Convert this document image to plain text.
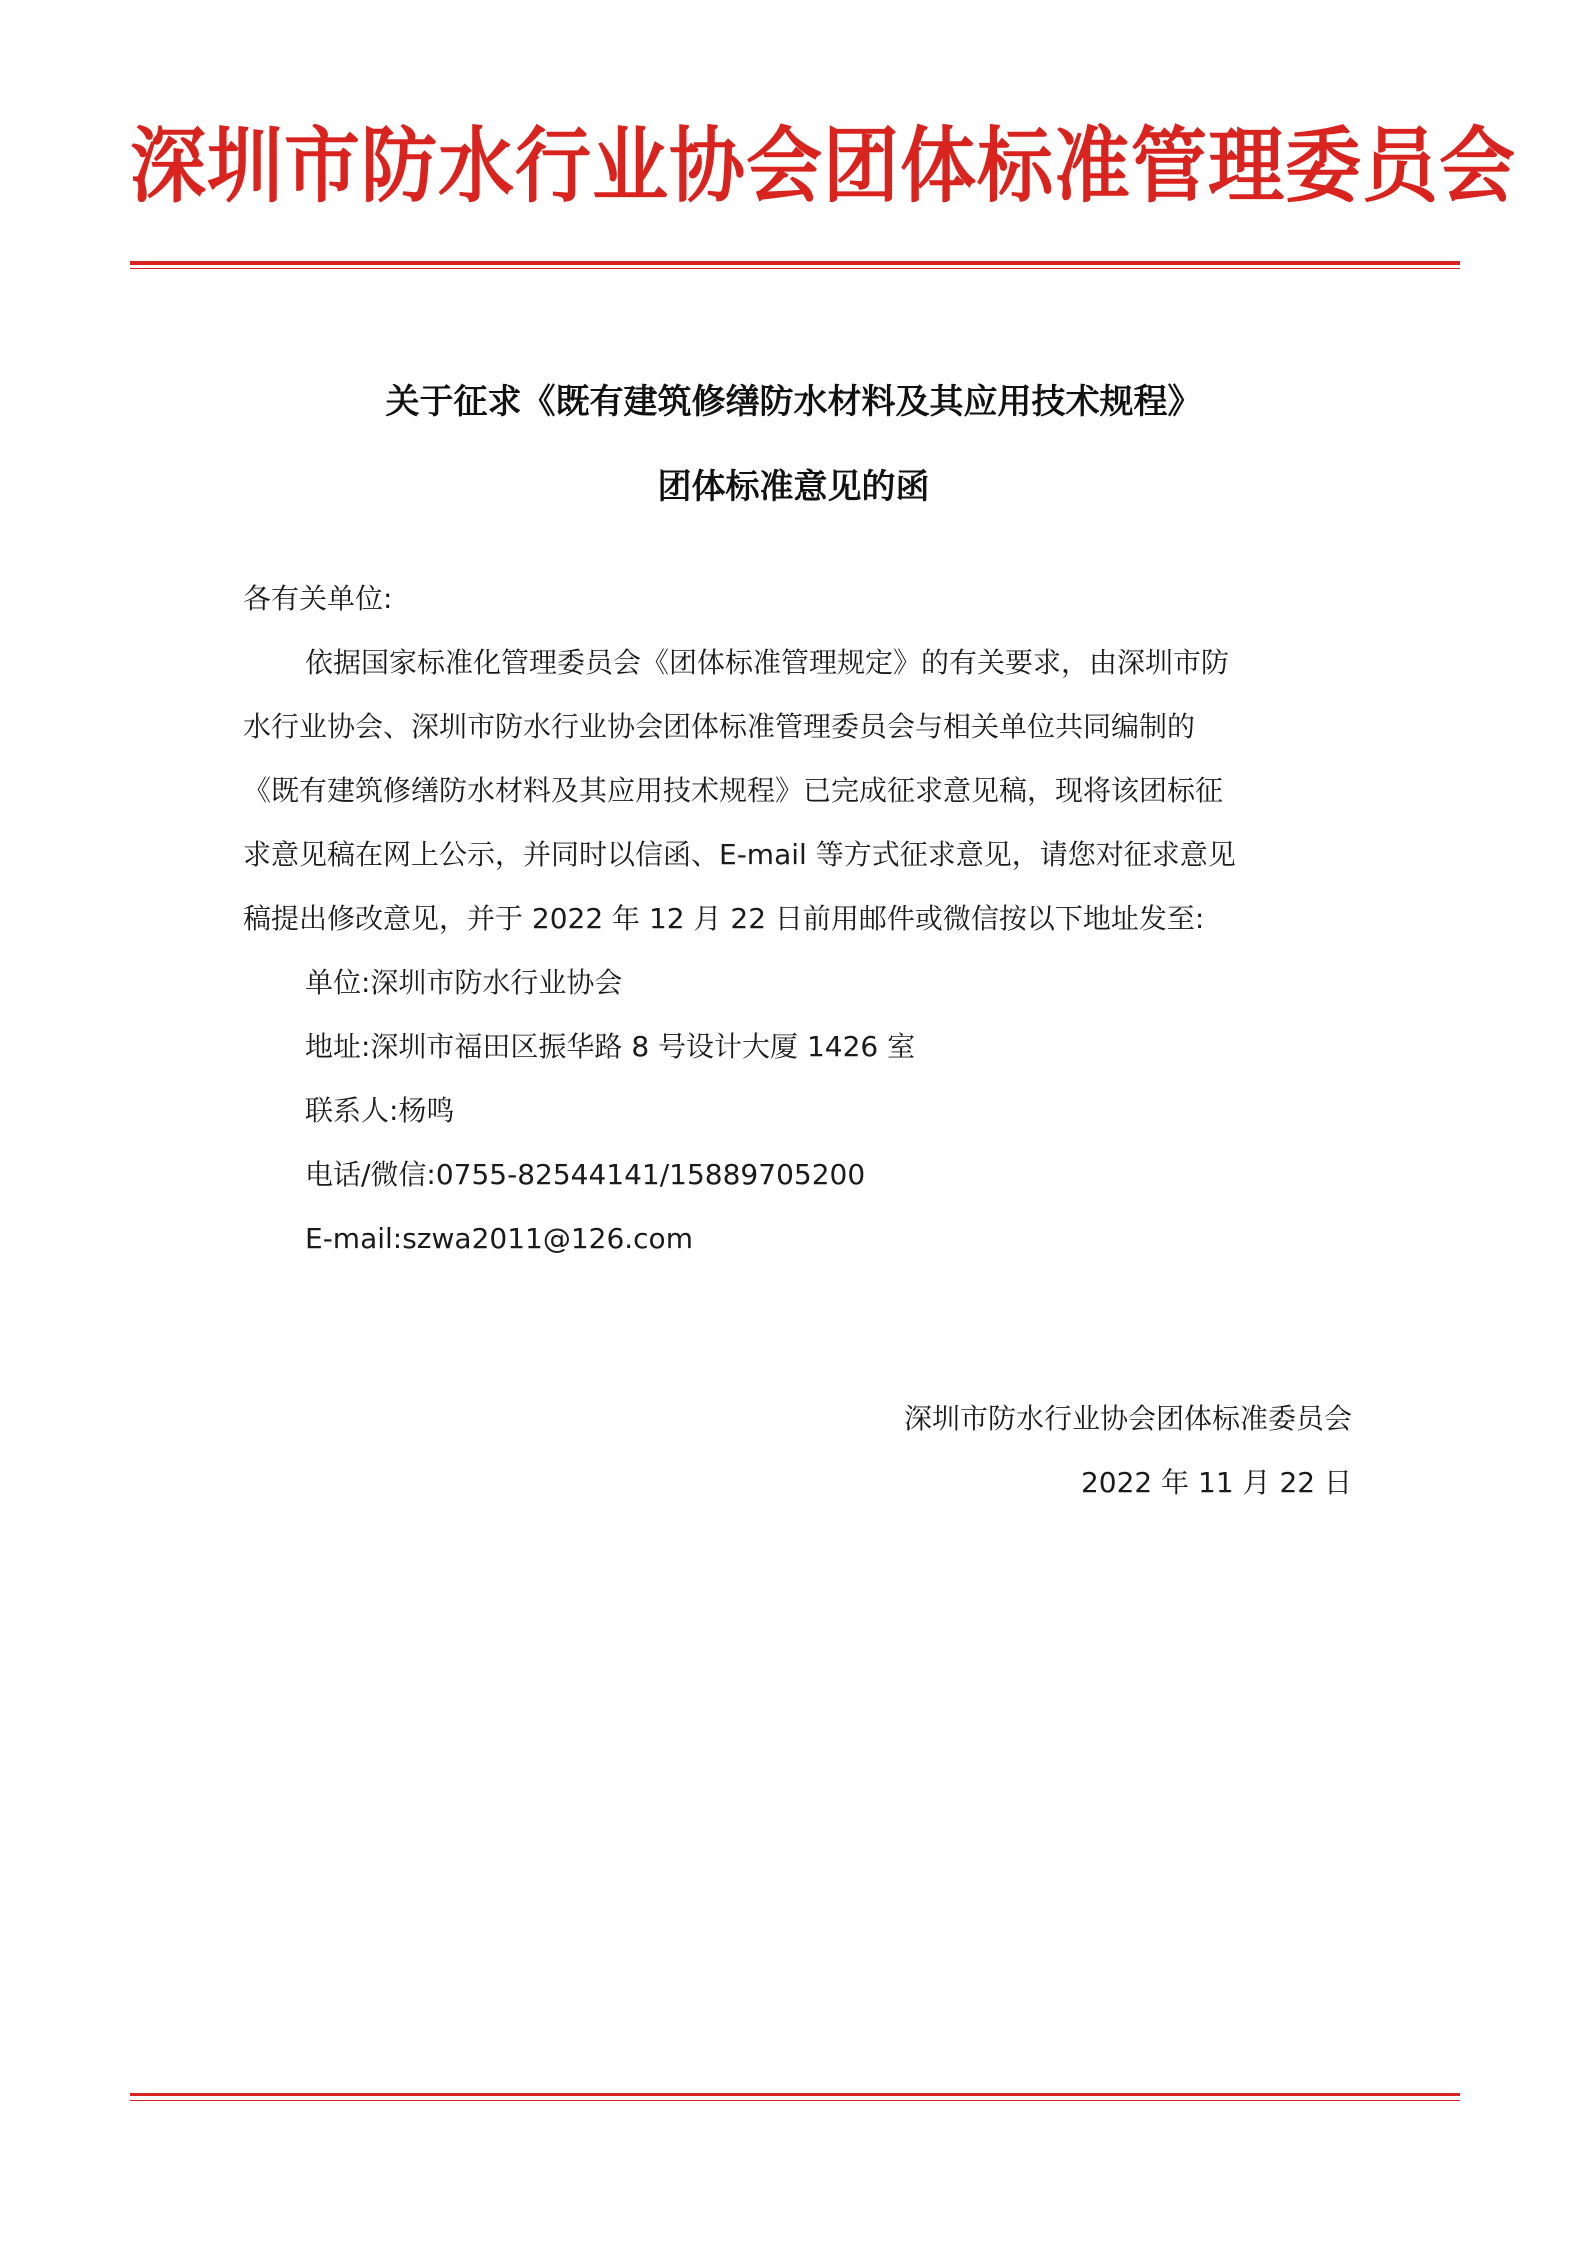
深圳市防水行业协会团体标准管理委员会
关于征求《既有建筑修缮防水材料及其应用技术规程》
团体标准意见的函
各有关单位:
依据国家标准化管理委员会《团体标准管理规定》的有关要求，由深圳市防
水行业协会、深圳市防水行业协会团体标准管理委员会与相关单位共同编制的
《既有建筑修缮防水材料及其应用技术规程》已完成征求意见稿，现将该团标征
求意见稿在网上公示，并同时以信函、E-mail 等方式征求意见，请您对征求意见
稿提出修改意见，并于 2022 年 12 月 22 日前用邮件或微信按以下地址发至:
单位:深圳市防水行业协会
地址:深圳市福田区振华路 8 号设计大厦 1426 室
联系人:杨鸣
电话/微信:0755-82544141/15889705200
E-mail:szwa2011@126.com
深圳市防水行业协会团体标准委员会
2022 年 11 月 22 日
